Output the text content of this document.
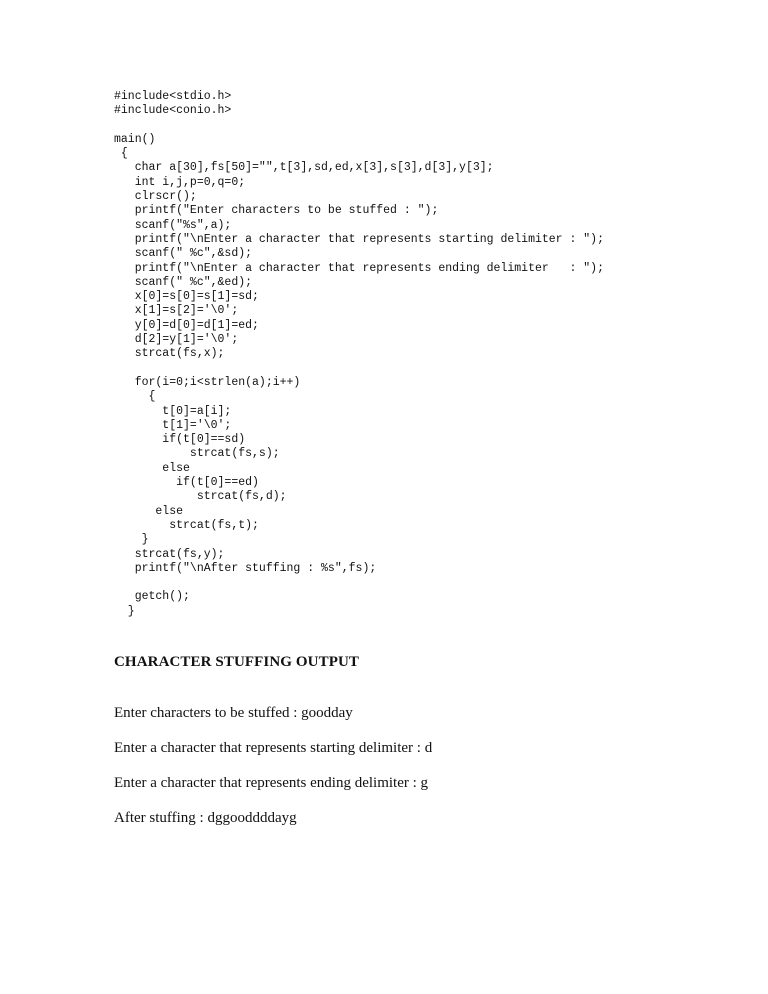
#include<stdio.h>
#include<conio.h>
main()
{
char a[30],fs[50]="",t[3],sd,ed,x[3],s[3],d[3],y[3];
int i,j,p=0,q=0;
clrscr();
printf("Enter characters to be stuffed : ");
scanf("%s",a);
printf("\nEnter a character that represents starting delimiter : ");
scanf(" %c",&sd);
printf("\nEnter a character that represents ending delimiter   : ");
scanf(" %c",&ed);
x[0]=s[0]=s[1]=sd;
x[1]=s[2]='\0';
y[0]=d[0]=d[1]=ed;
d[2]=y[1]='\0';
strcat(fs,x);
for(i=0;i<strlen(a);i++)
{
t[0]=a[i];
t[1]='\0';
if(t[0]==sd)
strcat(fs,s);
else
if(t[0]==ed)
strcat(fs,d);
else
strcat(fs,t);
}
strcat(fs,y);
printf("\nAfter stuffing : %s",fs);
getch();
}
CHARACTER STUFFING OUTPUT

Enter characters to be stuffed : goodday

Enter a character that represents starting delimiter : d

Enter a character that represents ending delimiter : g

After stuffing : dggooddddayg
